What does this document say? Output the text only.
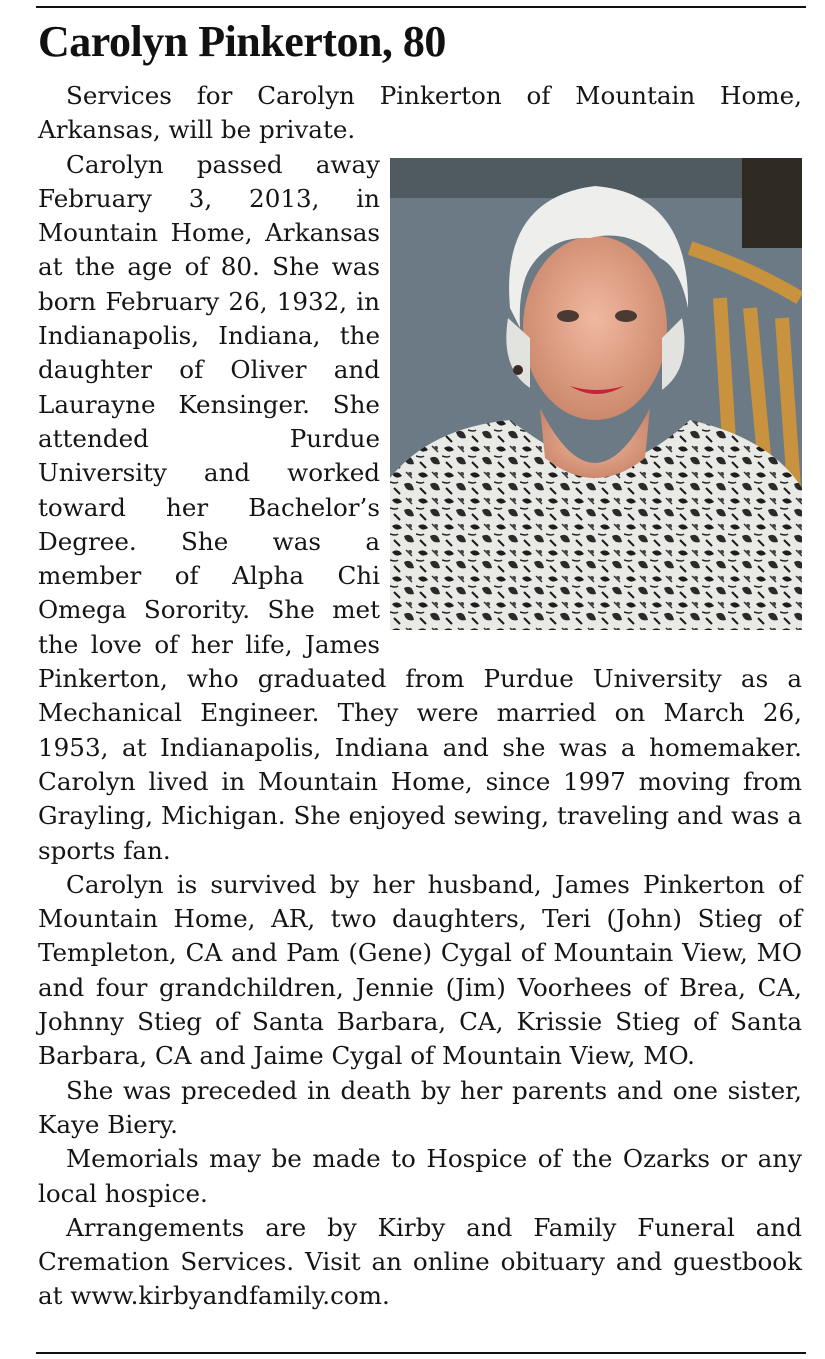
Carolyn Pinkerton, 80

Services for Carolyn Pinkerton of Mountain Home, Arkansas, will be private.

Carolyn passed away February 3, 2013, in Mountain Home, Arkansas at the age of 80. She was born February 26, 1932, in Indianapolis, Indiana, the daughter of Oliver and Laurayne Kensinger. She attended Purdue University and worked toward her Bachelor’s Degree. She was a member of Alpha Chi Omega Sorority. She met the love of her life, James Pinkerton, who graduated from Purdue University as a Mechanical Engineer. They were married on March 26, 1953, at Indianapolis, Indiana and she was a homemaker. Carolyn lived in Mountain Home, since 1997 moving from Grayling, Michigan. She enjoyed sewing, traveling and was a sports fan.

Carolyn is survived by her husband, James Pinkerton of Mountain Home, AR, two daughters, Teri (John) Stieg of Templeton, CA and Pam (Gene) Cygal of Mountain View, MO and four grandchildren, Jennie (Jim) Voorhees of Brea, CA, Johnny Stieg of Santa Barbara, CA, Krissie Stieg of Santa Barbara, CA and Jaime Cygal of Mountain View, MO.

She was preceded in death by her parents and one sister, Kaye Biery.

Memorials may be made to Hospice of the Ozarks or any local hospice.

Arrangements are by Kirby and Family Funeral and Cremation Services. Visit an online obituary and guestbook at www.kirbyandfamily.com.
